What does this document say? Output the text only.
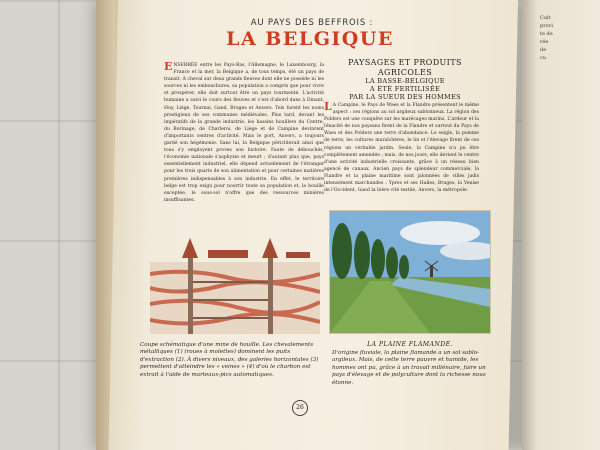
Cult
provi
te de
rée
de
cu
AU PAYS DES BEFFROIS :
LA BELGIQUE
E NSERRÉE entre les Pays-Bas, l'Allemagne, le Luxembourg, la France et la mer, la Belgique a, de tous temps, été un pays de transit. À cheval sur deux grands fleuves dont elle ne possède ni les sources ni les embouchures, sa population a compris que pour vivre et prospérer, elle doit surtout être un pays tourmenté. L'activité humaine a suivi le cours des fleuves et c'est d'abord dans à Dinant, Huy, Liège, Tournai, Gand, Bruges et Anvers. Tels furent les noms prestigieux de ses communes médiévales. Plus tard, devant les impératifs de la grande industrie, les bassins houillers du Centre, du Borinage, de Charleroi, de Liège et de Campine devinrent d'importants centres d'activité. Mais le port, Anvers, a toujours gardé son hégémonie. Sans lui, la Belgique péricliterait ainsi que tous s'y employent proves son histoire. Faute de débouchés, l'économie nationale s'asphyxie et meurt ; d'autant plus que, pays essentiellement industriel, elle dépend actuellement de l'étranger pour les trois quarts de son alimentation et pour certaines matières premières indispensables à son industrie. En effet, le territoire belge est trop exigu pour nourrir toute sa population et, la houille exceptée, le sous-sol n'offre que des ressources minières insuffisantes.
PAYSAGES ET PRODUITS
AGRICOLES
LA BASSE-BELGIQUE
A ÉTÉ FERTILISÉE
PAR LA SUEUR DES HOMMES
L A Campine, le Pays de Waes et la Flandre présentent le même aspect : ces régions au sol argileux sablonneux. La région des Polders est une conquête sur les marécages marins. L'ardeur et la ténacité de nos paysans firent de la Flandre et surtout du Pays de Waes et des Polders une terre d'abondance. Le seigle, la pomme de terre, les cultures maraîchères, le lin et l'élevage firent de ces régions un véritable jardin. Seule, la Campine n'a pu être complètement amendée ; mais, de nos jours, elle devient le centre d'une activité industrielle croissante, grâce à un réseau bien agencé de canaux. Ancien pays de splendeur commerciale, la Flandre et la plaine maritime sont jalonnées de villes jadis intensément marchandes : Ypres et ses Halles, Bruges, la Venise de l'Occident, Gand la bière cité textile, Anvers, la métropole.
Coupe schématique d'une mine de houille. Les chevalements métalliques (1) (roues à molettes) dominent les puits d'extraction (2). À divers niveaux, des galeries horizontales (3) permettent d'atteindre les « veines » (4) d'où le charbon est extrait à l'aide de marteaux-pics automatiques.
LA PLAINE FLAMANDE.
D'origine fluviale, la plaine flamande a un sol sablo-argileux. Mais, de cette terre pauvre et humide, les hommes ont pu, grâce à un travail millénaire, faire un pays d'élevage et de polyculture dont la richesse nous étonne.
26
